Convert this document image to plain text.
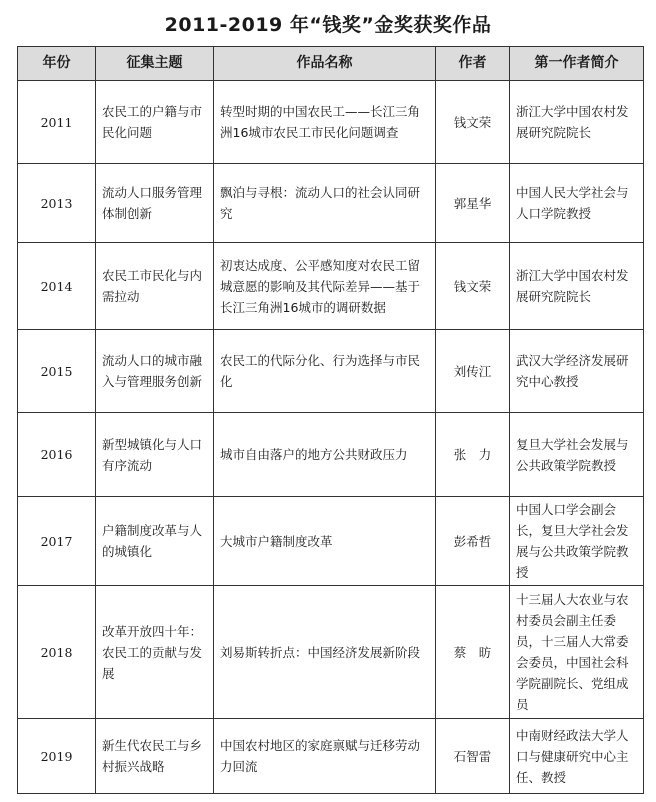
2011-2019 年“钱奖”金奖获奖作品
年份	征集主题	作品名称	作者	第一作者简介
2011	农民工的户籍与市民化问题	转型时期的中国农民工——长江三角洲16城市农民工市民化问题调查	钱文荣	浙江大学中国农村发展研究院院长
2013	流动人口服务管理体制创新	飘泊与寻根：流动人口的社会认同研究	郭星华	中国人民大学社会与人口学院教授
2014	农民工市民化与内需拉动	初衷达成度、公平感知度对农民工留城意愿的影响及其代际差异——基于长江三角洲16城市的调研数据	钱文荣	浙江大学中国农村发展研究院院长
2015	流动人口的城市融入与管理服务创新	农民工的代际分化、行为选择与市民化	刘传江	武汉大学经济发展研究中心教授
2016	新型城镇化与人口有序流动	城市自由落户的地方公共财政压力	张　力	复旦大学社会发展与公共政策学院教授
2017	户籍制度改革与人的城镇化	大城市户籍制度改革	彭希哲	中国人口学会副会长，复旦大学社会发展与公共政策学院教授
2018	改革开放四十年：农民工的贡献与发展	刘易斯转折点：中国经济发展新阶段	蔡　昉	十三届人大农业与农村委员会副主任委员，十三届人大常委会委员，中国社会科学院副院长、党组成员
2019	新生代农民工与乡村振兴战略	中国农村地区的家庭禀赋与迁移劳动力回流	石智雷	中南财经政法大学人口与健康研究中心主任、教授
